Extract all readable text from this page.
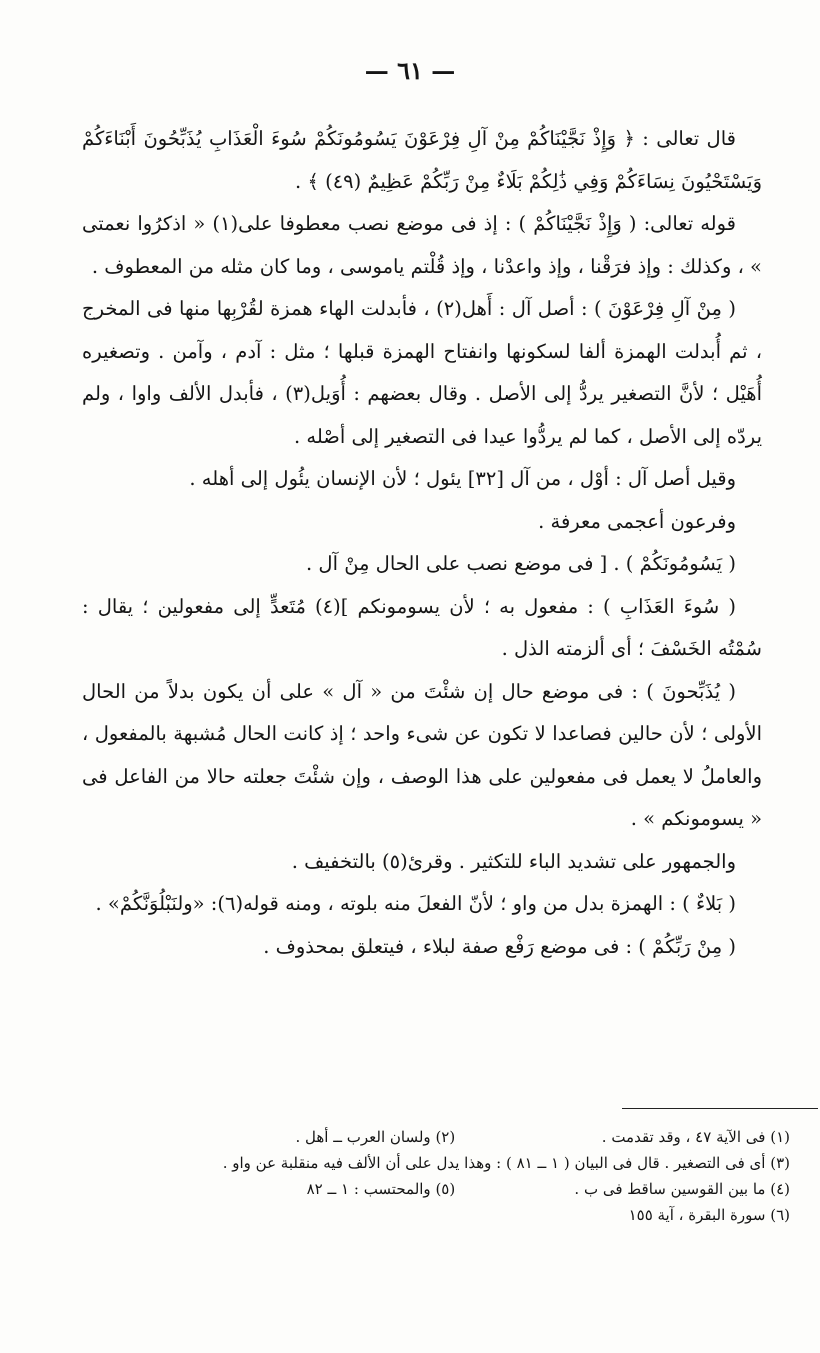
— ٦١ —

قال تعالى : ﴿ وَإِذْ نَجَّيْنَاكُمْ مِنْ آلِ فِرْعَوْنَ يَسُومُونَكُمْ سُوءَ الْعَذَابِ يُذَبِّحُونَ أَبْنَاءَكُمْ وَيَسْتَحْيُونَ نِسَاءَكُمْ وَفِي ذَٰلِكُمْ بَلَاءٌ مِنْ رَبِّكُمْ عَظِيمٌ (٤٩) ﴾ .

قوله تعالى: ( وَإِذْ نَجَّيْنَاكُمْ ) : إذ فى موضع نصب معطوفا على(١) « اذكرُوا نعمتى » ، وكذلك : وإذ فرَقْنا ، وإذ واعدْنا ، وإذ قُلْتم ياموسى ، وما كان مثله من المعطوف .

( مِنْ آلِ فِرْعَوْنَ ) : أصل آل : أَهل(٢) ، فأبدلت الهاء همزة لقُرْبِها منها فى المخرج ، ثم أُبدلت الهمزة ألفا لسكونها وانفتاح الهمزة قبلها ؛ مثل : آدم ، وآمن . وتصغيره أُهَيْل ؛ لأنَّ التصغير يردُّ إلى الأصل . وقال بعضهم : أُوَيل(٣) ، فأبدل الألف واوا ، ولم يردّه إلى الأصل ، كما لم يردُّوا عيدا فى التصغير إلى أصْله .

وقيل أصل آل : أوْل ، من آل [٣٢] يئول ؛ لأن الإنسان يئُول إلى أهله .

وفرعون أعجمى معرفة .

( يَسُومُونَكُمْ ) . [ فى موضع نصب على الحال مِنْ آل .

( سُوءَ العَذَابِ ) : مفعول به ؛ لأن يسومونكم ](٤) مُتَعدٍّ إلى مفعولين ؛ يقال : سُمْتُه الخَسْفَ ؛ أى ألزمته الذل .

( يُذَبِّحونَ ) : فى موضع حال إن شئْتَ من « آل » على أن يكون بدلاً من الحال الأولى ؛ لأن حالين فصاعدا لا تكون عن شىء واحد ؛ إذ كانت الحال مُشبهة بالمفعول ، والعاملُ لا يعمل فى مفعولين على هذا الوصف ، وإن شئْتَ جعلته حالا من الفاعل فى « يسومونكم » .

والجمهور على تشديد الباء للتكثير . وقرئ(٥) بالتخفيف .

( بَلاءٌ ) : الهمزة بدل من واو ؛ لأنّ الفعلَ منه بلوته ، ومنه قوله(٦): «ولنَبْلُوَنَّكُمْ» .

( مِنْ رَبِّكُمْ ) : فى موضع رَفْع صفة لبلاء ، فيتعلق بمحذوف .

(١) فى الآية ٤٧ ، وقد تقدمت . (٢) ولسان العرب ــ أهل .
(٣) أى فى التصغير . قال فى البيان ( ١ ــ ٨١ ) : وهذا يدل على أن الألف فيه منقلبة عن واو .
(٤) ما بين القوسين ساقط فى ب . (٥) والمحتسب : ١ ــ ٨٢
(٦) سورة البقرة ، آية ١٥٥
